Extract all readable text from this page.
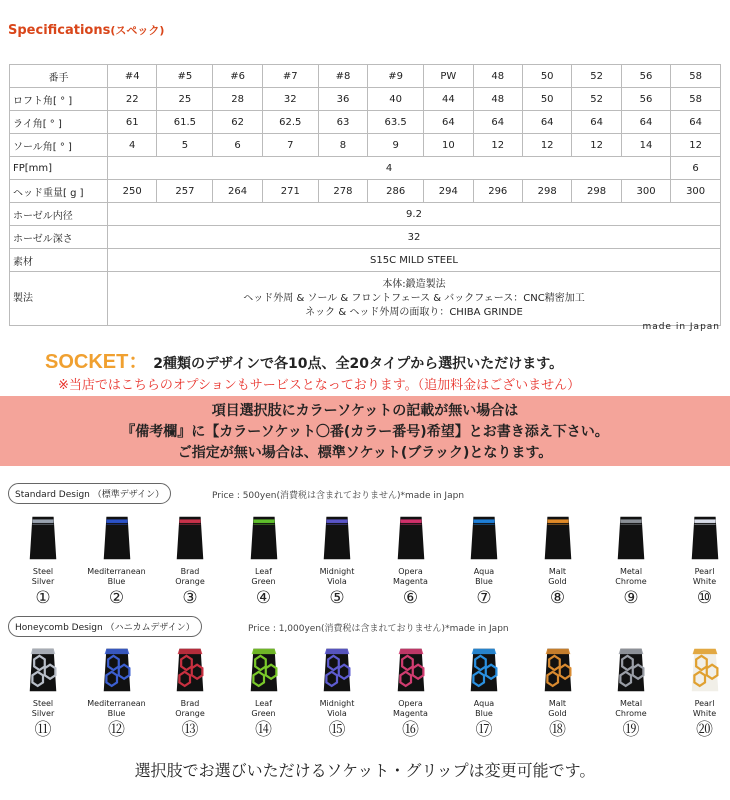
Specifications(スペック)
番手	#4	#5	#6	#7	#8	#9	PW	48	50	52	56	58
ロフト角[ ° ]	22	25	28	32	36	40	44	48	50	52	56	58
ライ角[ ° ]	61	61.5	62	62.5	63	63.5	64	64	64	64	64	64
ソール角[ ° ]	4	5	6	7	8	9	10	12	12	12	14	12
FP[mm]	4											6
ヘッド重量[ g ]	250	257	264	271	278	286	294	296	298	298	300	300
ホーゼル内径	9.2											
ホーゼル深さ	32											
素材	S15C MILD STEEL											
製法	本体:鍛造製法
ヘッド外周 & ソール & フロントフェース & バックフェース：CNC精密加工
ネック & ヘッド外周の面取り：CHIBA GRINDE											
made in Japan
SOCKET： 2種類のデザインで各10点、全20タイプから選択いただけます。
※当店ではこちらのオプションもサービスとなっております。（追加料金はございません）
項目選択肢にカラーソケットの記載が無い場合は
『備考欄』に【カラーソケット〇番(カラー番号)希望】とお書き添え下さい。
ご指定が無い場合は、標準ソケット(ブラック)となります。
Standard Design （標準デザイン）	Price : 500yen(消費税は含まれておりません)*made in Japn
Steel
Silver
①
Mediterranean
Blue
②
Brad
Orange
③
Leaf
Green
④
Midnight
Viola
⑤
Opera
Magenta
⑥
Aqua
Blue
⑦
Malt
Gold
⑧
Metal
Chrome
⑨
Pearl
White
⑩
Honeycomb Design （ハニカムデザイン）	Price : 1,000yen(消費税は含まれておりません)*made in Japn
Steel
Silver
⑪
Mediterranean
Blue
⑫
Brad
Orange
⑬
Leaf
Green
⑭
Midnight
Viola
⑮
Opera
Magenta
⑯
Aqua
Blue
⑰
Malt
Gold
⑱
Metal
Chrome
⑲
Pearl
White
⑳
選択肢でお選びいただけるソケット・グリップは変更可能です。
